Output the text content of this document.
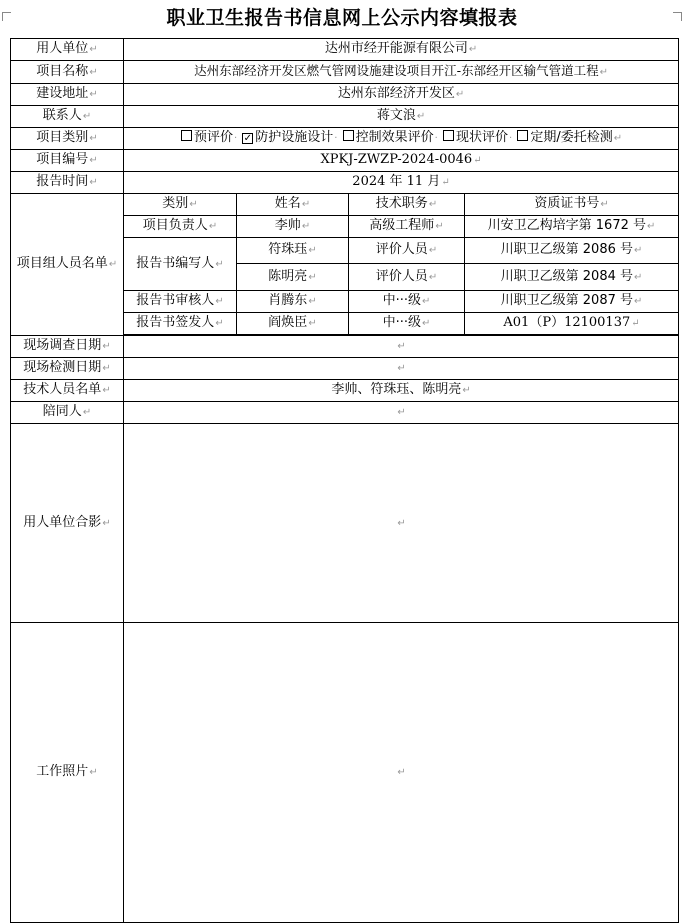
职业卫生报告书信息网上公示内容填报表
用人单位↵	达州市经开能源有限公司↵			
项目名称↵	达州东部经济开发区燃气管网设施建设项目开江-东部经开区输气管道工程↵			
建设地址↵	达州东部经济开发区↵			
联系人↵	蒋文浪↵			
项目类别↵	预评价· ✓ 防护设施设计· 控制效果评价· 现状评价· 定期/委托检测↵			
项目编号↵	XPKJ-ZWZP-2024-0046↵			
报告时间↵	2024 年 11 月↵			
项目组人员名单↵	类别↵	姓名↵	技术职务↵	资质证书号↵
	项目负责人↵	李帅↵	高级工程师↵	川安卫乙构培字第 1672 号↵
	报告书编写人↵	符珠珏↵	评价人员↵	川职卫乙级第 2086 号↵
		陈明亮↵	评价人员↵	川职卫乙级第 2084 号↵
	报告书审核人↵	肖腾东↵	中···级↵	川职卫乙级第 2087 号↵
	报告书签发人↵	阎焕臣↵	中···级↵	A01（P）12100137↵

现场调查日期↵	↵			
现场检测日期↵	↵			
技术人员名单↵	李帅、符珠珏、陈明亮↵			
陪同人↵	↵			
用人单位合影↵	↵			
工作照片↵	↵			
